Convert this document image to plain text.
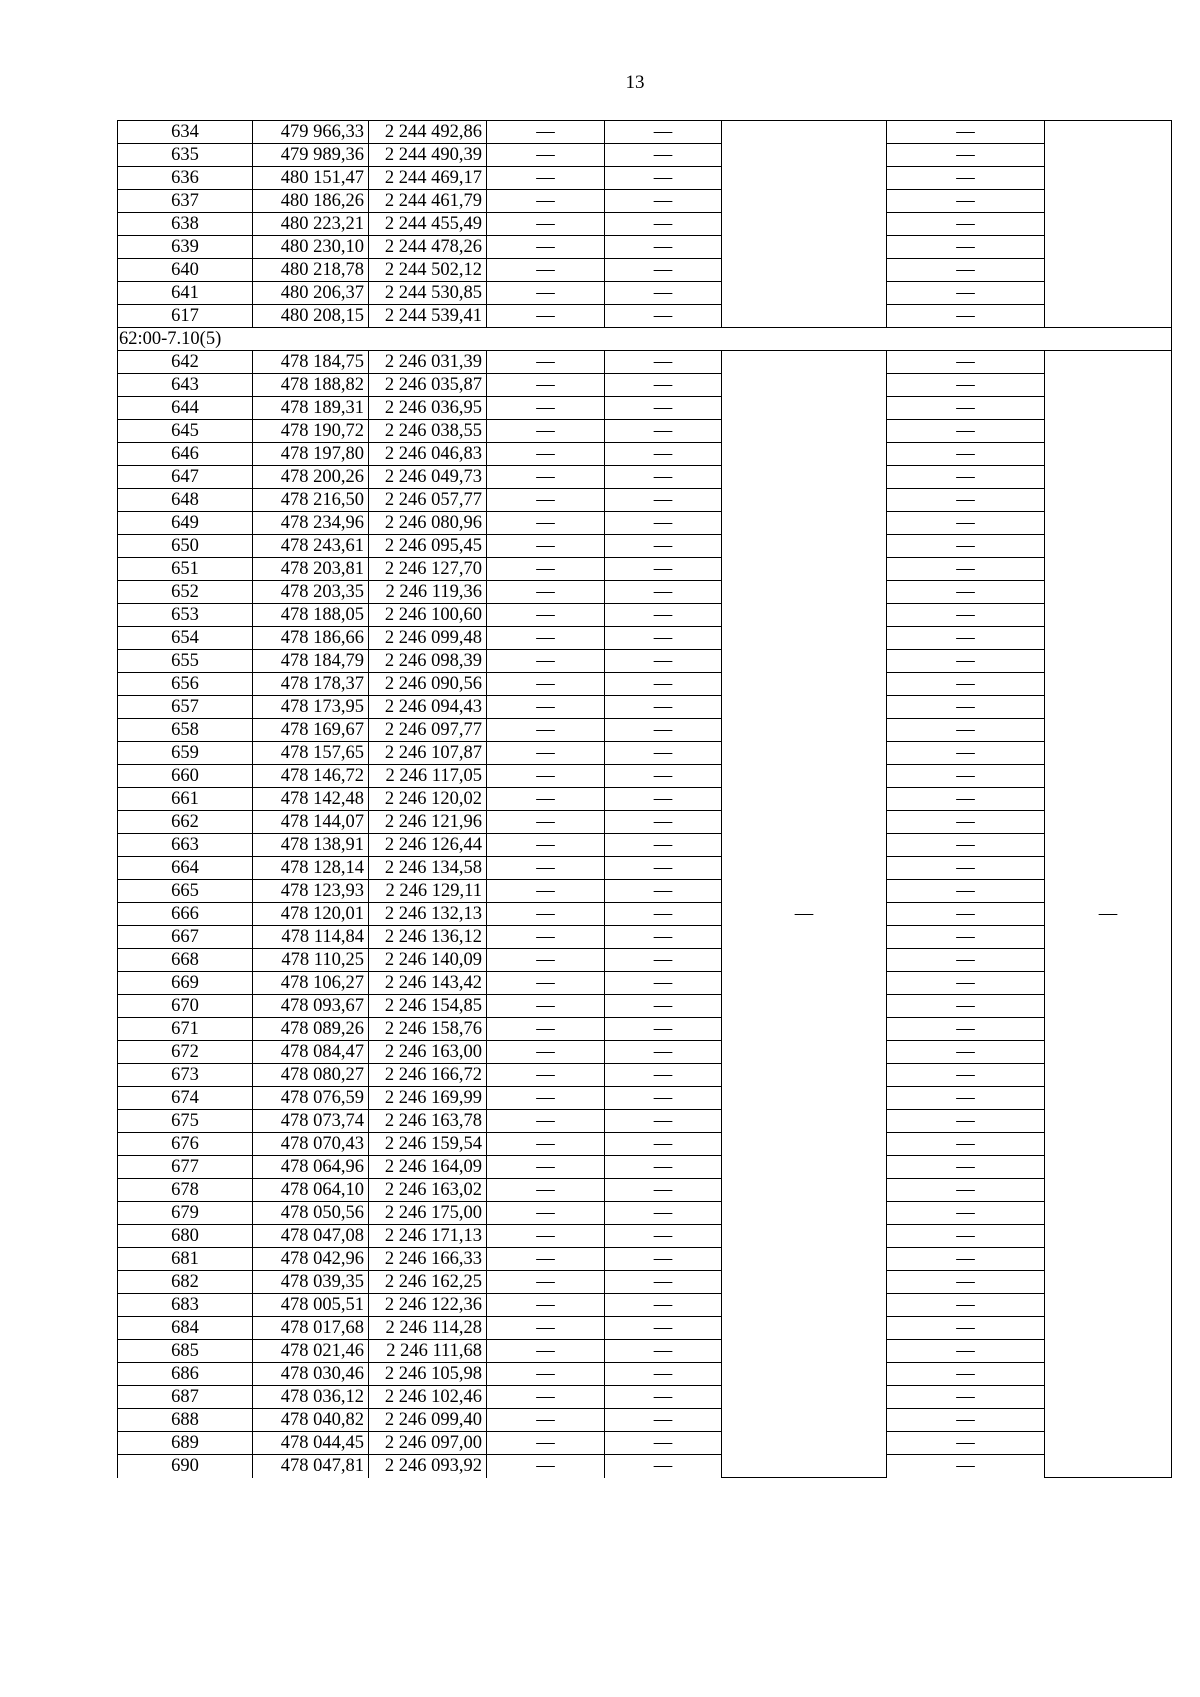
13
634	479 966,33	2 244 492,86	—	—		—	
635	479 989,36	2 244 490,39	—	—		—	
636	480 151,47	2 244 469,17	—	—		—	
637	480 186,26	2 244 461,79	—	—		—	
638	480 223,21	2 244 455,49	—	—		—	
639	480 230,10	2 244 478,26	—	—		—	
640	480 218,78	2 244 502,12	—	—		—	
641	480 206,37	2 244 530,85	—	—		—	
617	480 208,15	2 244 539,41	—	—		—	
62:00-7.10(5)							
642	478 184,75	2 246 031,39	—	—	—	—	—
643	478 188,82	2 246 035,87	—	—		—	
644	478 189,31	2 246 036,95	—	—		—	
645	478 190,72	2 246 038,55	—	—		—	
646	478 197,80	2 246 046,83	—	—		—	
647	478 200,26	2 246 049,73	—	—		—	
648	478 216,50	2 246 057,77	—	—		—	
649	478 234,96	2 246 080,96	—	—		—	
650	478 243,61	2 246 095,45	—	—		—	
651	478 203,81	2 246 127,70	—	—		—	
652	478 203,35	2 246 119,36	—	—		—	
653	478 188,05	2 246 100,60	—	—		—	
654	478 186,66	2 246 099,48	—	—		—	
655	478 184,79	2 246 098,39	—	—		—	
656	478 178,37	2 246 090,56	—	—		—	
657	478 173,95	2 246 094,43	—	—		—	
658	478 169,67	2 246 097,77	—	—		—	
659	478 157,65	2 246 107,87	—	—		—	
660	478 146,72	2 246 117,05	—	—		—	
661	478 142,48	2 246 120,02	—	—		—	
662	478 144,07	2 246 121,96	—	—		—	
663	478 138,91	2 246 126,44	—	—		—	
664	478 128,14	2 246 134,58	—	—		—	
665	478 123,93	2 246 129,11	—	—		—	
666	478 120,01	2 246 132,13	—	—		—	
667	478 114,84	2 246 136,12	—	—		—	
668	478 110,25	2 246 140,09	—	—		—	
669	478 106,27	2 246 143,42	—	—		—	
670	478 093,67	2 246 154,85	—	—		—	
671	478 089,26	2 246 158,76	—	—		—	
672	478 084,47	2 246 163,00	—	—		—	
673	478 080,27	2 246 166,72	—	—		—	
674	478 076,59	2 246 169,99	—	—		—	
675	478 073,74	2 246 163,78	—	—		—	
676	478 070,43	2 246 159,54	—	—		—	
677	478 064,96	2 246 164,09	—	—		—	
678	478 064,10	2 246 163,02	—	—		—	
679	478 050,56	2 246 175,00	—	—		—	
680	478 047,08	2 246 171,13	—	—		—	
681	478 042,96	2 246 166,33	—	—		—	
682	478 039,35	2 246 162,25	—	—		—	
683	478 005,51	2 246 122,36	—	—		—	
684	478 017,68	2 246 114,28	—	—		—	
685	478 021,46	2 246 111,68	—	—		—	
686	478 030,46	2 246 105,98	—	—		—	
687	478 036,12	2 246 102,46	—	—		—	
688	478 040,82	2 246 099,40	—	—		—	
689	478 044,45	2 246 097,00	—	—		—	
690	478 047,81	2 246 093,92	—	—		—	
